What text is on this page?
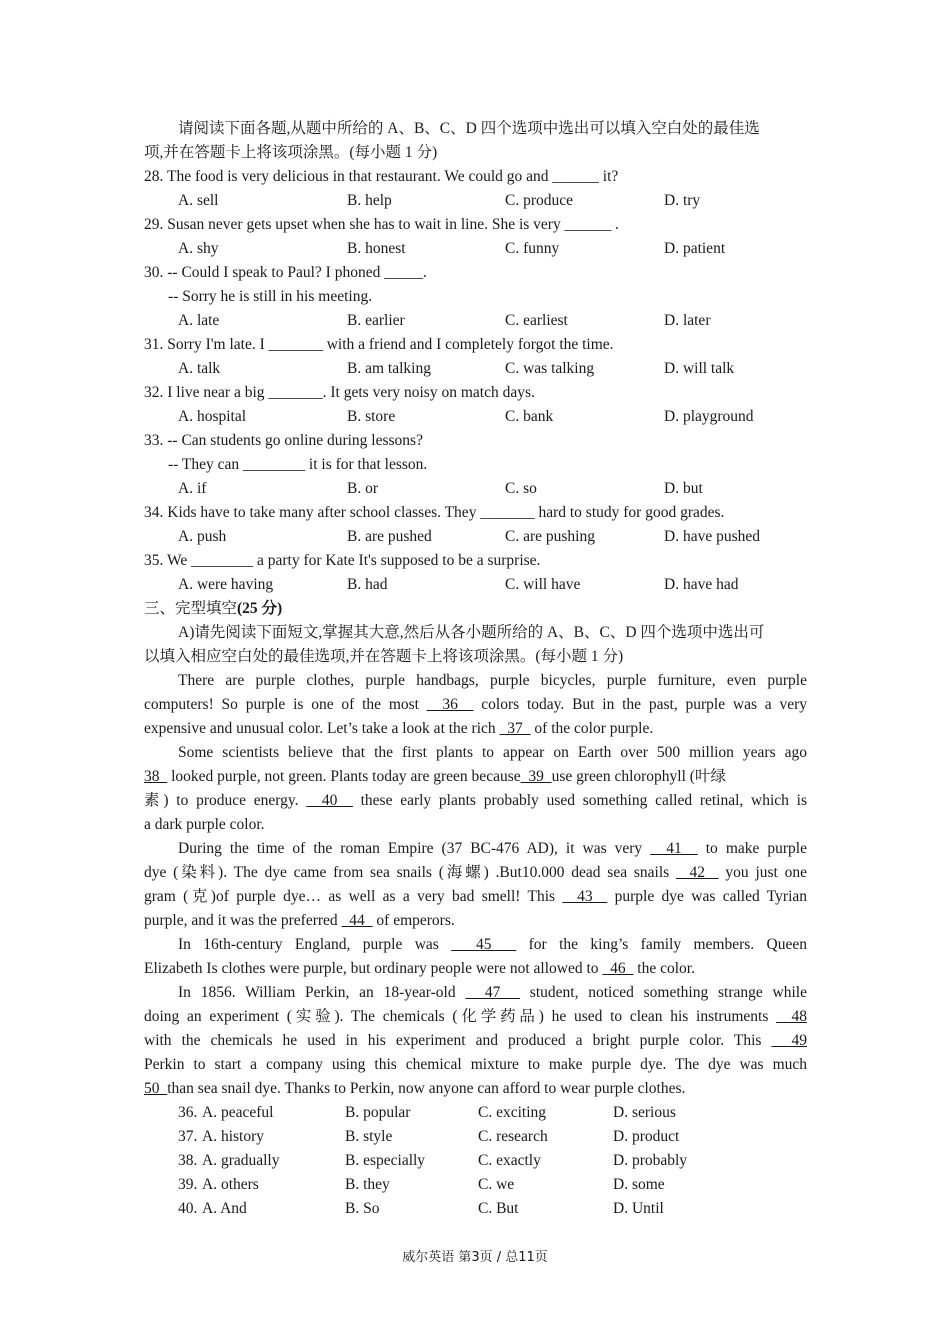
请阅读下面各题,从题中所给的 A、B、C、D 四个选项中选出可以填入空白处的最佳选
项,并在答题卡上将该项涂黑。(每小题 1 分)
28. The food is very delicious in that restaurant. We could go and ______ it?
A. sell	B. help	C. produce	D. try
29. Susan never gets upset when she has to wait in line. She is very ______ .
A. shy	B. honest	C. funny	D. patient
30. -- Could I speak to Paul? I phoned _____.
-- Sorry he is still in his meeting.
A. late	B. earlier	C. earliest	D. later
31. Sorry I'm late. I _______ with a friend and I completely forgot the time.
A. talk	B. am talking	C. was talking	D. will talk
32. I live near a big _______. It gets very noisy on match days.
A. hospital	B. store	C. bank	D. playground
33. -- Can students go online during lessons?
-- They can ________ it is for that lesson.
A. if	B. or	C. so	D. but
34. Kids have to take many after school classes. They _______ hard to study for good grades.
A. push	B. are pushed	C. are pushing	D. have pushed
35. We ________ a party for Kate It's supposed to be a surprise.
A. were having	B. had	C. will have	D. have had
三、完型填空(25 分)
A)请先阅读下面短文,掌握其大意,然后从各小题所给的 A、B、C、D 四个选项中选出可
以填入相应空白处的最佳选项,并在答题卡上将该项涂黑。(每小题 1 分)
There are purple clothes, purple handbags, purple bicycles, purple furniture, even purple
computers! So purple is one of the most   36   colors today. But in the past, purple was a very
expensive and unusual color. Let’s take a look at the rich   37   of the color purple.
Some scientists believe that the first plants to appear on Earth over 500 million years ago
38   looked purple, not green. Plants today are green because  39  use green chlorophyll (叶绿
素) to produce energy.   40   these early plants probably used something called retinal, which is
a dark purple color.
During the time of the roman Empire (37 BC-476 AD), it was very   41   to make purple
dye (染料). The dye came from sea snails (海螺) .But10.000 dead sea snails   42   you just one
gram (克)of purple dye… as well as a very bad smell! This   43   purple dye was called Tyrian
purple, and it was the preferred   44   of emperors.
In 16th-century England, purple was   45   for the king’s family members. Queen
Elizabeth Is clothes were purple, but ordinary people were not allowed to   46   the color.
In 1856. William Perkin, an 18-year-old   47   student, noticed something strange while
doing an experiment (实验). The chemicals (化学药品) he used to clean his instruments   48
with the chemicals he used in his experiment and produced a bright purple color. This   49
Perkin to start a company using this chemical mixture to make purple dye. The dye was much
50  than sea snail dye. Thanks to Perkin, now anyone can afford to wear purple clothes.
36. A. peaceful	B. popular	C. exciting	D. serious
37. A. history	B. style	C. research	D. product
38. A. gradually	B. especially	C. exactly	D. probably
39. A. others	B. they	C. we	D. some
40. A. And	B. So	C. But	D. Until
威尔英语 第3页 / 总11页
